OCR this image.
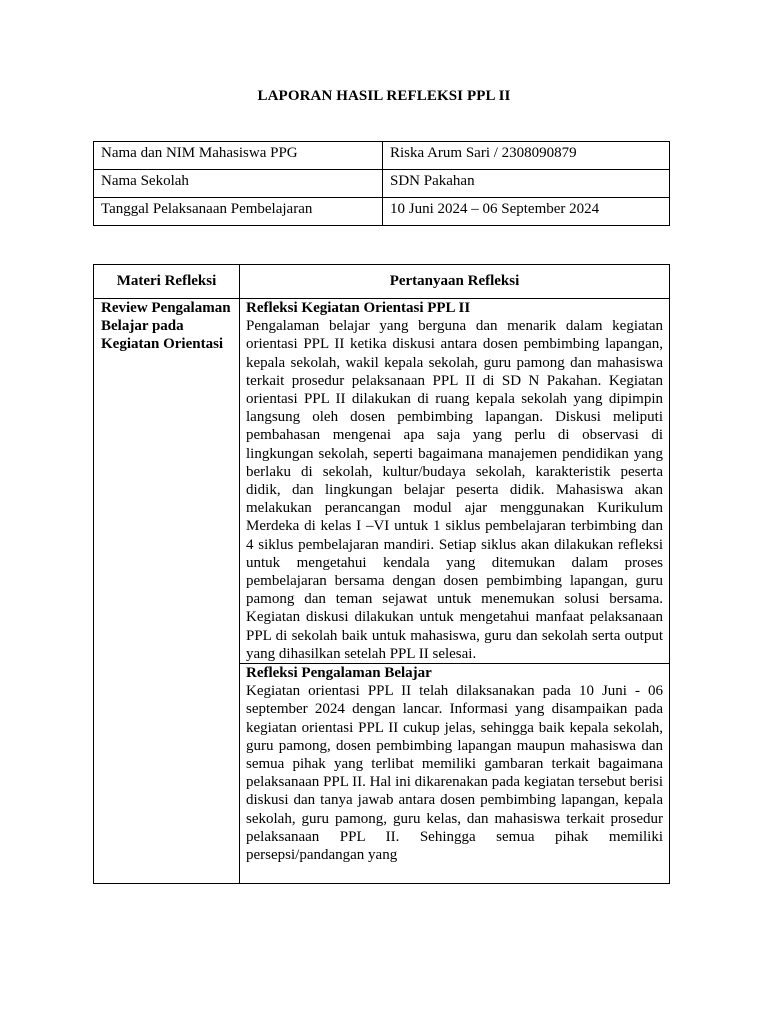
LAPORAN HASIL REFLEKSI PPL II
Nama dan NIM Mahasiswa PPG	Riska Arum Sari / 2308090879
Nama Sekolah	SDN Pakahan
Tanggal Pelaksanaan Pembelajaran	10 Juni 2024 – 06 September 2024
Materi Refleksi	Pertanyaan Refleksi
Review Pengalaman Belajar pada Kegiatan Orientasi	Refleksi Kegiatan Orientasi PPL II
Pengalaman belajar yang berguna dan menarik dalam kegiatan orientasi PPL II ketika diskusi antara dosen pembimbing lapangan, kepala sekolah, wakil kepala sekolah, guru pamong dan mahasiswa terkait prosedur pelaksanaan PPL II di SD N Pakahan. Kegiatan orientasi PPL II dilakukan di ruang kepala sekolah yang dipimpin langsung oleh dosen pembimbing lapangan. Diskusi meliputi pembahasan mengenai apa saja yang perlu di observasi di lingkungan sekolah, seperti bagaimana manajemen pendidikan yang berlaku di sekolah, kultur/budaya sekolah, karakteristik peserta didik, dan lingkungan belajar peserta didik. Mahasiswa akan melakukan perancangan modul ajar menggunakan Kurikulum Merdeka di kelas I –VI untuk 1 siklus pembelajaran terbimbing dan 4 siklus pembelajaran mandiri. Setiap siklus akan dilakukan refleksi untuk mengetahui kendala yang ditemukan dalam proses pembelajaran bersama dengan dosen pembimbing lapangan, guru pamong dan teman sejawat untuk menemukan solusi bersama. Kegiatan diskusi dilakukan untuk mengetahui manfaat pelaksanaan PPL di sekolah baik untuk mahasiswa, guru dan sekolah serta output yang dihasilkan setelah PPL II selesai.

	Refleksi Pengalaman Belajar
Kegiatan orientasi PPL II telah dilaksanakan pada 10 Juni - 06 september 2024 dengan lancar. Informasi yang disampaikan pada kegiatan orientasi PPL II cukup jelas, sehingga baik kepala sekolah, guru pamong, dosen pembimbing lapangan maupun mahasiswa dan semua pihak yang terlibat memiliki gambaran terkait bagaimana pelaksanaan PPL II. Hal ini dikarenakan pada kegiatan tersebut berisi diskusi dan tanya jawab antara dosen pembimbing lapangan, kepala sekolah, guru pamong, guru kelas, dan mahasiswa terkait prosedur pelaksanaan PPL II. Sehingga semua pihak memiliki persepsi/pandangan yang
